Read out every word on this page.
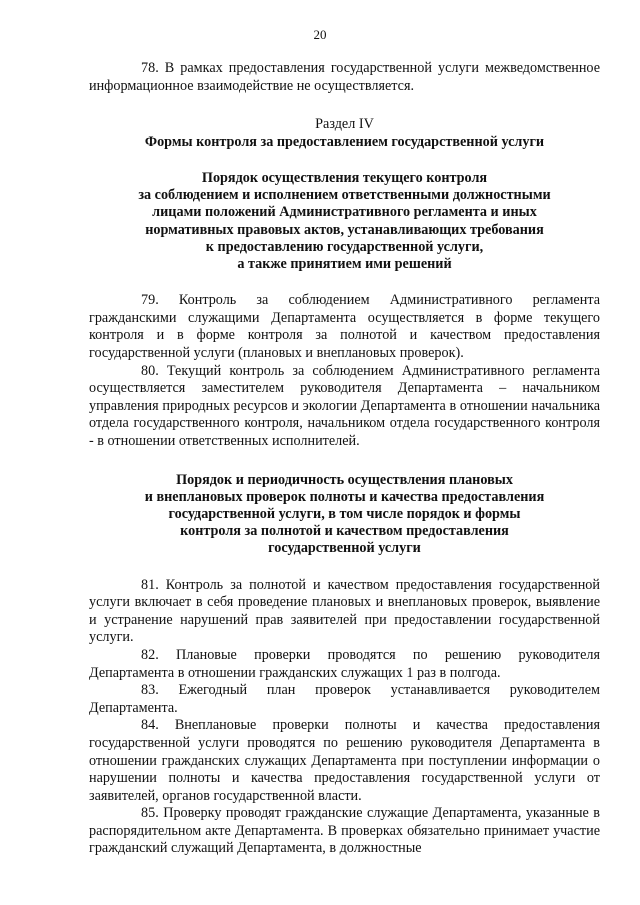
20

78. В рамках предоставления государственной услуги межведомственное информационное взаимодействие не осуществляется.

Раздел IV

Формы контроля за предоставлением государственной услуги

Порядок осуществления текущего контроля

за соблюдением и исполнением ответственными должностными

лицами положений Административного регламента и иных

нормативных правовых актов, устанавливающих требования

к предоставлению государственной услуги,

а также принятием ими решений

79. Контроль за соблюдением Административного регламента гражданскими служащими Департамента осуществляется в форме текущего контроля и в форме контроля за полнотой и качеством предоставления государственной услуги (плановых и внеплановых проверок).

80. Текущий контроль за соблюдением Административного регламента осуществляется заместителем руководителя Департамента – начальником управления природных ресурсов и экологии Департамента в отношении начальника отдела государственного контроля, начальником отдела государственного контроля - в отношении ответственных исполнителей.

Порядок и периодичность осуществления плановых

и внеплановых проверок полноты и качества предоставления

государственной услуги, в том числе порядок и формы

контроля за полнотой и качеством предоставления

государственной услуги

81. Контроль за полнотой и качеством предоставления государственной услуги включает в себя проведение плановых и внеплановых проверок, выявление и устранение нарушений прав заявителей при предоставлении государственной услуги.

82. Плановые проверки проводятся по решению руководителя Департамента в отношении гражданских служащих 1 раз в полгода.

83. Ежегодный план проверок устанавливается руководителем Департамента.

84. Внеплановые проверки полноты и качества предоставления государственной услуги проводятся по решению руководителя Департамента в отношении гражданских служащих Департамента при поступлении информации о нарушении полноты и качества предоставления государственной услуги от заявителей, органов государственной власти.

85. Проверку проводят гражданские служащие Департамента, указанные в распорядительном акте Департамента. В проверках обязательно принимает участие гражданский служащий Департамента, в должностные
